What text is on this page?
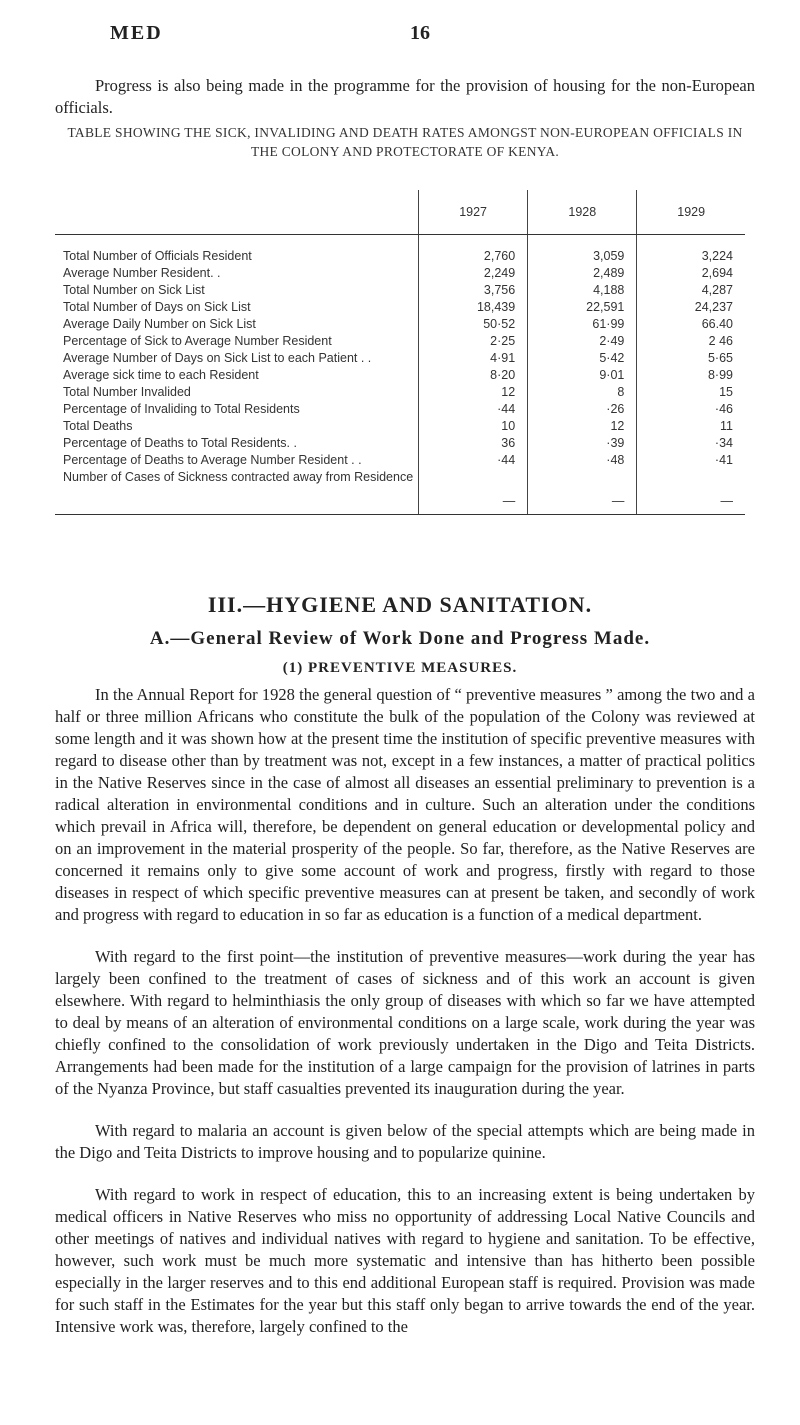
MED	16
Progress is also being made in the programme for the provision of housing for the non-European officials.
TABLE SHOWING THE SICK, INVALIDING AND DEATH RATES AMONGST NON-EUROPEAN OFFICIALS IN THE COLONY AND PROTECTORATE OF KENYA.
	1927	1928	1929
Total Number of Officials Resident	2,760	3,059	3,224
Average Number Resident. .	2,249	2,489	2,694
Total Number on Sick List	3,756	4,188	4,287
Total Number of Days on Sick List	18,439	22,591	24,237
Average Daily Number on Sick List	50·52	61·99	66.40
Percentage of Sick to Average Number Resident	2·25	2·49	2 46
Average Number of Days on Sick List to each Patient . .	4·91	5·42	5·65
Average sick time to each Resident	8·20	9·01	8·99
Total Number Invalided	12	8	15
Percentage of Invaliding to Total Residents	·44	·26	·46
Total Deaths	10	12	11
Percentage of Deaths to Total Residents. .	36	·39	·34
Percentage of Deaths to Average Number Resident . .	·44	·48	·41
Number of Cases of Sickness contracted away from Residence	—	—	—
III.—HYGIENE AND SANITATION.
A.—General Review of Work Done and Progress Made.
(1) PREVENTIVE MEASURES.

In the Annual Report for 1928 the general question of “ preventive measures ” among the two and a half or three million Africans who constitute the bulk of the population of the Colony was reviewed at some length and it was shown how at the present time the institution of specific preventive measures with regard to disease other than by treatment was not, except in a few instances, a matter of practical politics in the Native Reserves since in the case of almost all diseases an essential preliminary to prevention is a radical alteration in environmental conditions and in culture. Such an alteration under the conditions which prevail in Africa will, therefore, be dependent on general education or developmental policy and on an improvement in the material prosperity of the people. So far, therefore, as the Native Reserves are concerned it remains only to give some account of work and progress, firstly with regard to those diseases in respect of which specific preventive measures can at present be taken, and secondly of work and progress with regard to education in so far as education is a function of a medical department.

With regard to the first point—the institution of preventive measures—work during the year has largely been confined to the treatment of cases of sickness and of this work an account is given elsewhere. With regard to helminthiasis the only group of diseases with which so far we have attempted to deal by means of an alteration of environmental conditions on a large scale, work during the year was chiefly confined to the consolidation of work previously undertaken in the Digo and Teita Districts. Arrangements had been made for the institution of a large campaign for the provision of latrines in parts of the Nyanza Province, but staff casualties prevented its inauguration during the year.

With regard to malaria an account is given below of the special attempts which are being made in the Digo and Teita Districts to improve housing and to popularize quinine.

With regard to work in respect of education, this to an increasing extent is being undertaken by medical officers in Native Reserves who miss no opportunity of addressing Local Native Councils and other meetings of natives and individual natives with regard to hygiene and sanitation. To be effective, however, such work must be much more systematic and intensive than has hitherto been possible especially in the larger reserves and to this end additional European staff is required. Provision was made for such staff in the Estimates for the year but this staff only began to arrive towards the end of the year. Intensive work was, therefore, largely confined to the
